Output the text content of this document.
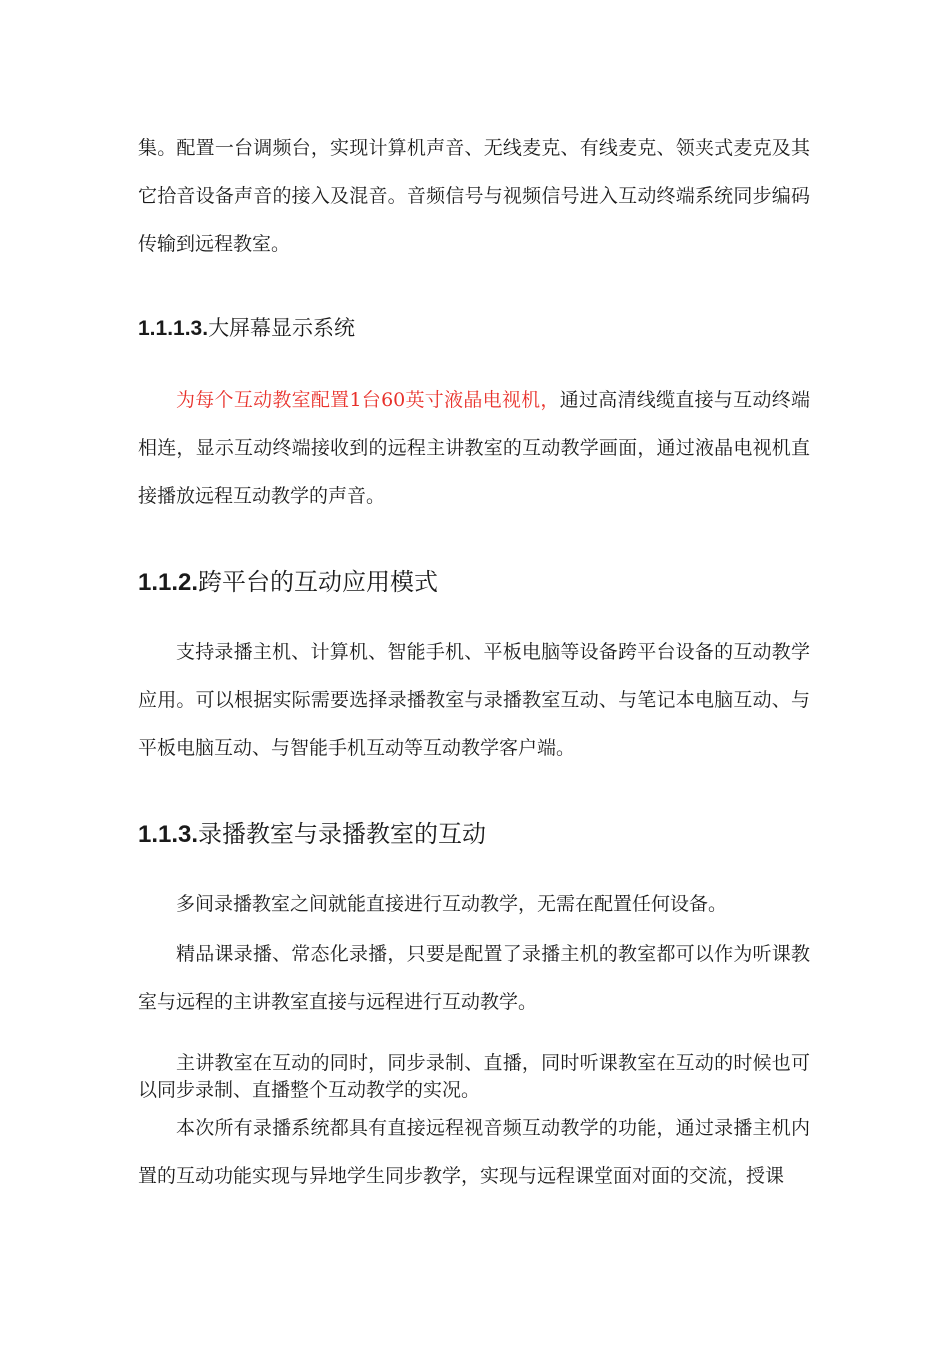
集。配置一台调频台，实现计算机声音、无线麦克、有线麦克、领夹式麦克及其它拾音设备声音的接入及混音。音频信号与视频信号进入互动终端系统同步编码传输到远程教室。

1.1.1.3.大屏幕显示系统

为每个互动教室配置1台60英寸液晶电视机，通过高清线缆直接与互动终端相连，显示互动终端接收到的远程主讲教室的互动教学画面，通过液晶电视机直接播放远程互动教学的声音。

1.1.2.跨平台的互动应用模式

支持录播主机、计算机、智能手机、平板电脑等设备跨平台设备的互动教学应用。可以根据实际需要选择录播教室与录播教室互动、与笔记本电脑互动、与平板电脑互动、与智能手机互动等互动教学客户端。

1.1.3.录播教室与录播教室的互动

多间录播教室之间就能直接进行互动教学，无需在配置任何设备。

精品课录播、常态化录播，只要是配置了录播主机的教室都可以作为听课教室与远程的主讲教室直接与远程进行互动教学。

主讲教室在互动的同时，同步录制、直播，同时听课教室在互动的时候也可以同步录制、直播整个互动教学的实况。

本次所有录播系统都具有直接远程视音频互动教学的功能，通过录播主机内置的互动功能实现与异地学生同步教学，实现与远程课堂面对面的交流，授课
